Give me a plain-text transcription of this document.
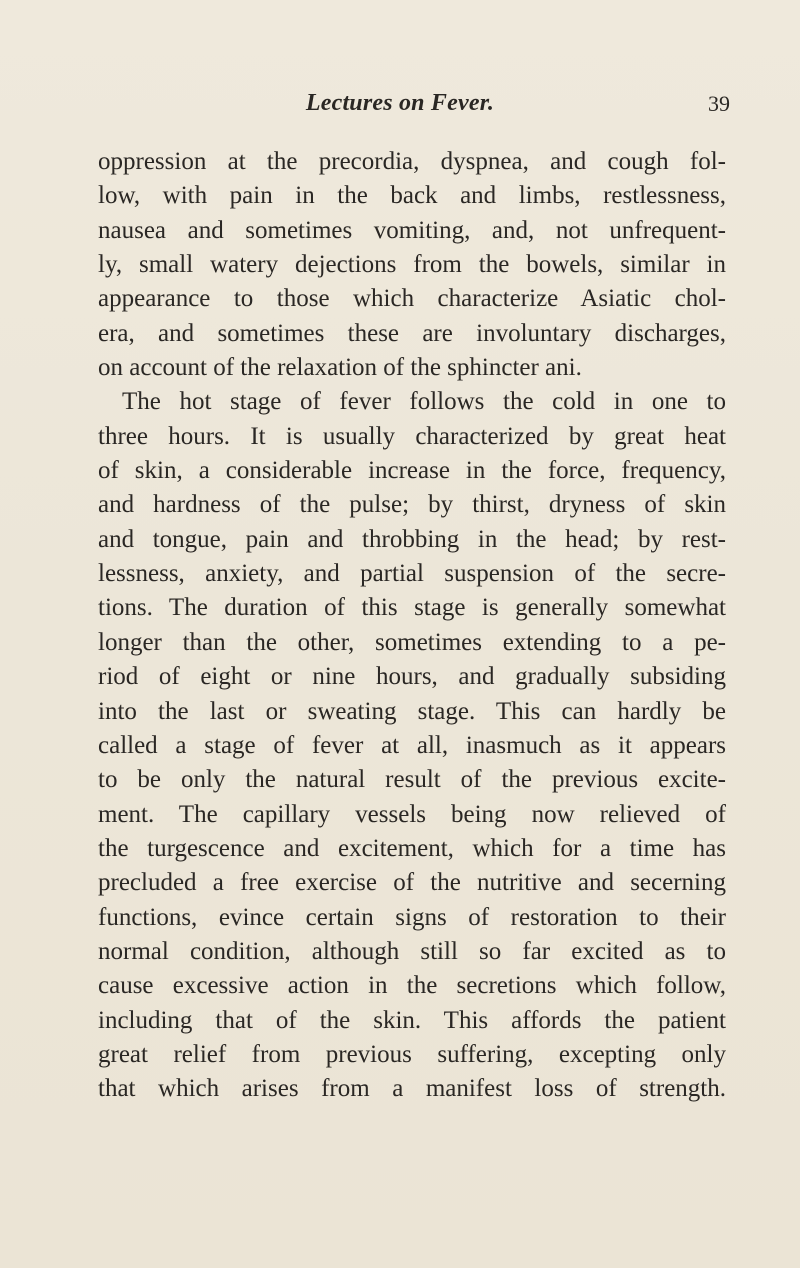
Lectures on Fever.	39
oppression at the precordia, dyspnea, and cough fol-
low, with pain in the back and limbs, restlessness,
nausea and sometimes vomiting, and, not unfrequent-
ly, small watery dejections from the bowels, similar in
appearance to those which characterize Asiatic chol-
era, and sometimes these are involuntary discharges,
on account of the relaxation of the sphincter ani.
The hot stage of fever follows the cold in one to
three hours. It is usually characterized by great heat
of skin, a considerable increase in the force, frequency,
and hardness of the pulse; by thirst, dryness of skin
and tongue, pain and throbbing in the head; by rest-
lessness, anxiety, and partial suspension of the secre-
tions. The duration of this stage is generally somewhat
longer than the other, sometimes extending to a pe-
riod of eight or nine hours, and gradually subsiding
into the last or sweating stage. This can hardly be
called a stage of fever at all, inasmuch as it appears
to be only the natural result of the previous excite-
ment. The capillary vessels being now relieved of
the turgescence and excitement, which for a time has
precluded a free exercise of the nutritive and secerning
functions, evince certain signs of restoration to their
normal condition, although still so far excited as to
cause excessive action in the secretions which follow,
including that of the skin. This affords the patient
great relief from previous suffering, excepting only
that which arises from a manifest loss of strength.
